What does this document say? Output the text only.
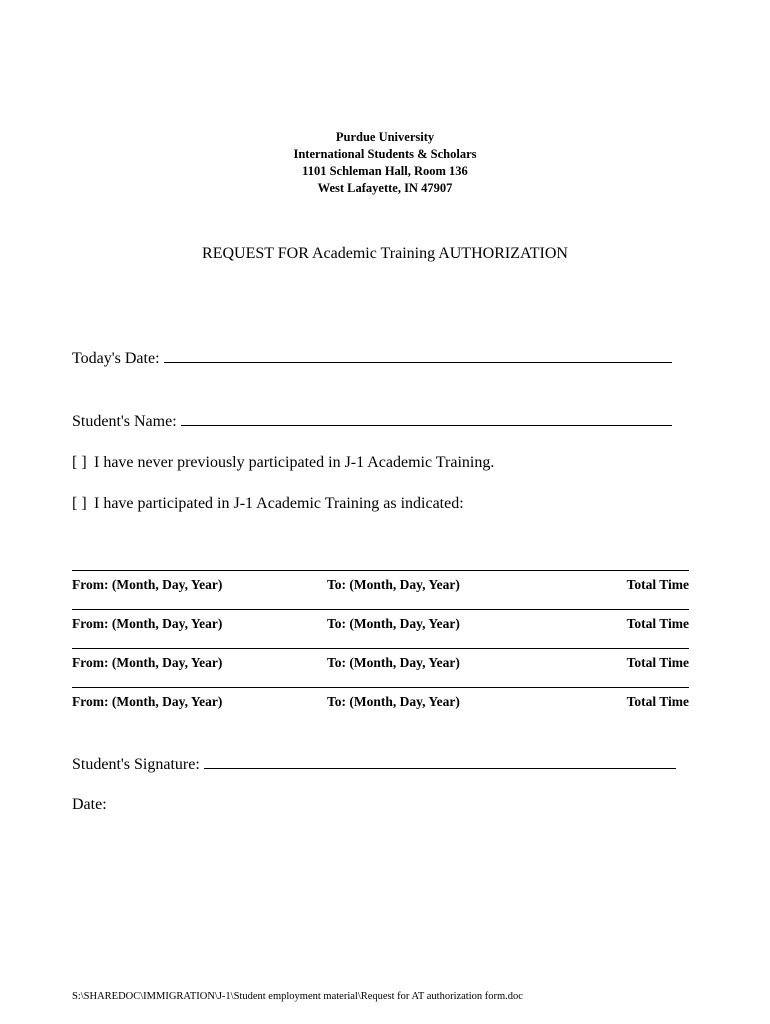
Purdue University
International Students & Scholars
1101 Schleman Hall, Room 136
West Lafayette, IN 47907
REQUEST FOR Academic Training AUTHORIZATION
Today's Date:
Student's Name:
[ ] I have never previously participated in J-1 Academic Training.
[ ] I have participated in J-1 Academic Training as indicated:
From: (Month, Day, Year)	To: (Month, Day, Year)	Total Time
From: (Month, Day, Year)	To: (Month, Day, Year)	Total Time
From: (Month, Day, Year)	To: (Month, Day, Year)	Total Time
From: (Month, Day, Year)	To: (Month, Day, Year)	Total Time
Student's Signature:
Date:
S:\SHAREDOC\IMMIGRATION\J-1\Student employment material\Request for AT authorization form.doc
